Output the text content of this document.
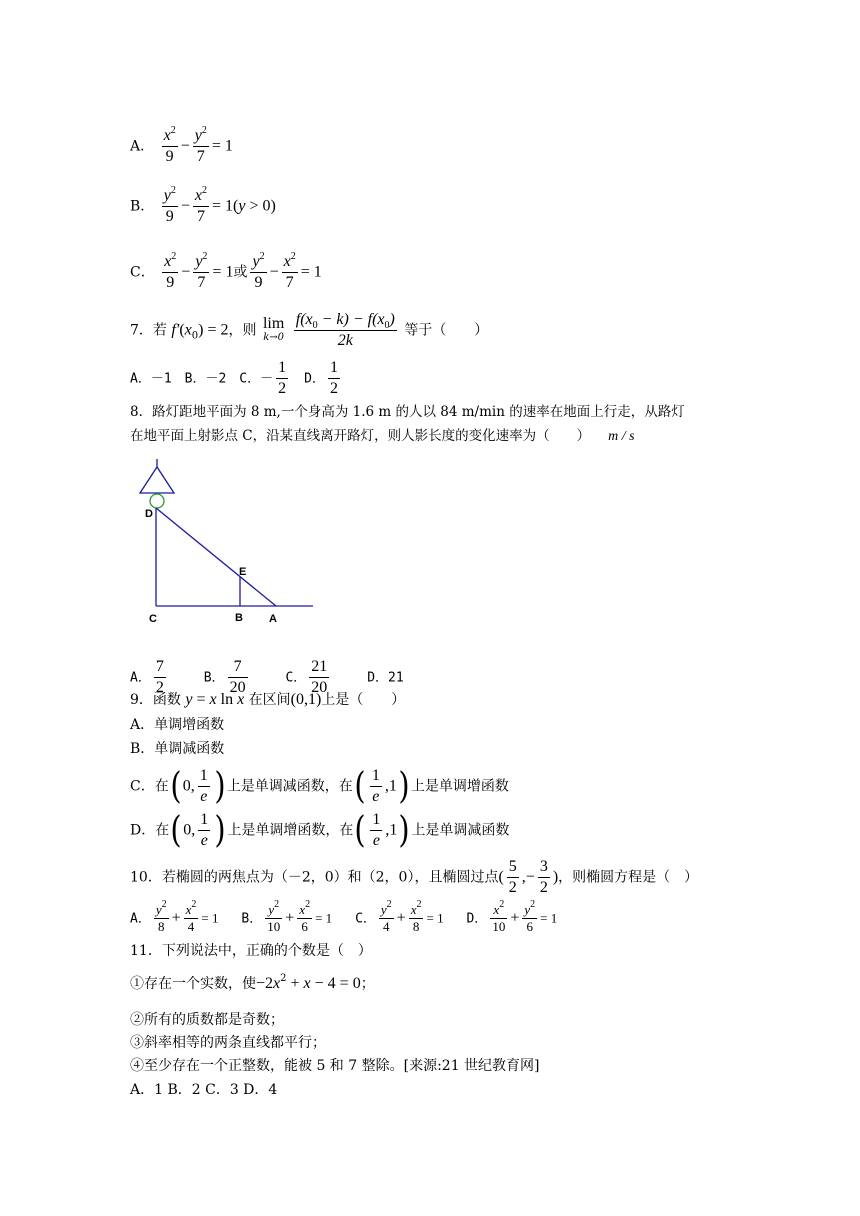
A． $\frac{x^2}{9} - \frac{y^2}{7} = 1$
B． $\frac{y^2}{9} - \frac{x^2}{7} = 1(y > 0)$
C． $\frac{x^2}{9} - \frac{y^2}{7} = 1$或 $\frac{y^2}{9} - \frac{x^2}{7} = 1$
7．若 $f'(x_0) = 2$，则 lim
k→0
$\frac{f(x_0 - k) - f(x_0)}{2k}$ 等于（　　）
A．－1　B．－2　C．－ $\frac{1}{2}$ 　D． $\frac{1}{2}$
8．路灯距地平面为 8 m,一个身高为 1.6 m 的人以 84 m/min 的速率在地面上行走，从路灯
在地平面上射影点 C，沿某直线离开路灯，则人影长度的变化速率为（　　） m / s
D
E
C	B A
A． $\frac{7}{2}$	B． $\frac{7}{20}$	C． $\frac{21}{20}$	D．21
9．函数 y = x ln x 在区间(0,1)上是（　　）
A．单调增函数
B．单调减函数
C．在(0, $\frac{1}{e}$ )上是单调减函数，在( $\frac{1}{e} ,1$)上是单调增函数
D．在(0, $\frac{1}{e}$ )上是单调增函数，在( $\frac{1}{e} ,1$)上是单调减函数
10．若椭圆的两焦点为（－2，0）和（2，0），且椭圆过点( $\frac{5}{2}$ ,− $\frac{3}{2}$ )，则椭圆方程是（　）
A． $\frac{y^2}{8} + \frac{x^2}{4} = 1$ B． $\frac{y^2}{10} + \frac{x^2}{6} = 1$ C． $\frac{y^2}{4} + \frac{x^2}{8} = 1$ D． $\frac{x^2}{10} + \frac{y^2}{6} = 1$
11．下列说法中，正确的个数是（　）
①存在一个实数，使$-2x^2 + x - 4 = 0$；
②所有的质数都是奇数；
③斜率相等的两条直线都平行；
④至少存在一个正整数，能被 5 和 7 整除。[来源:21 世纪教育网]
A．1 B．2 C．3 D．4
